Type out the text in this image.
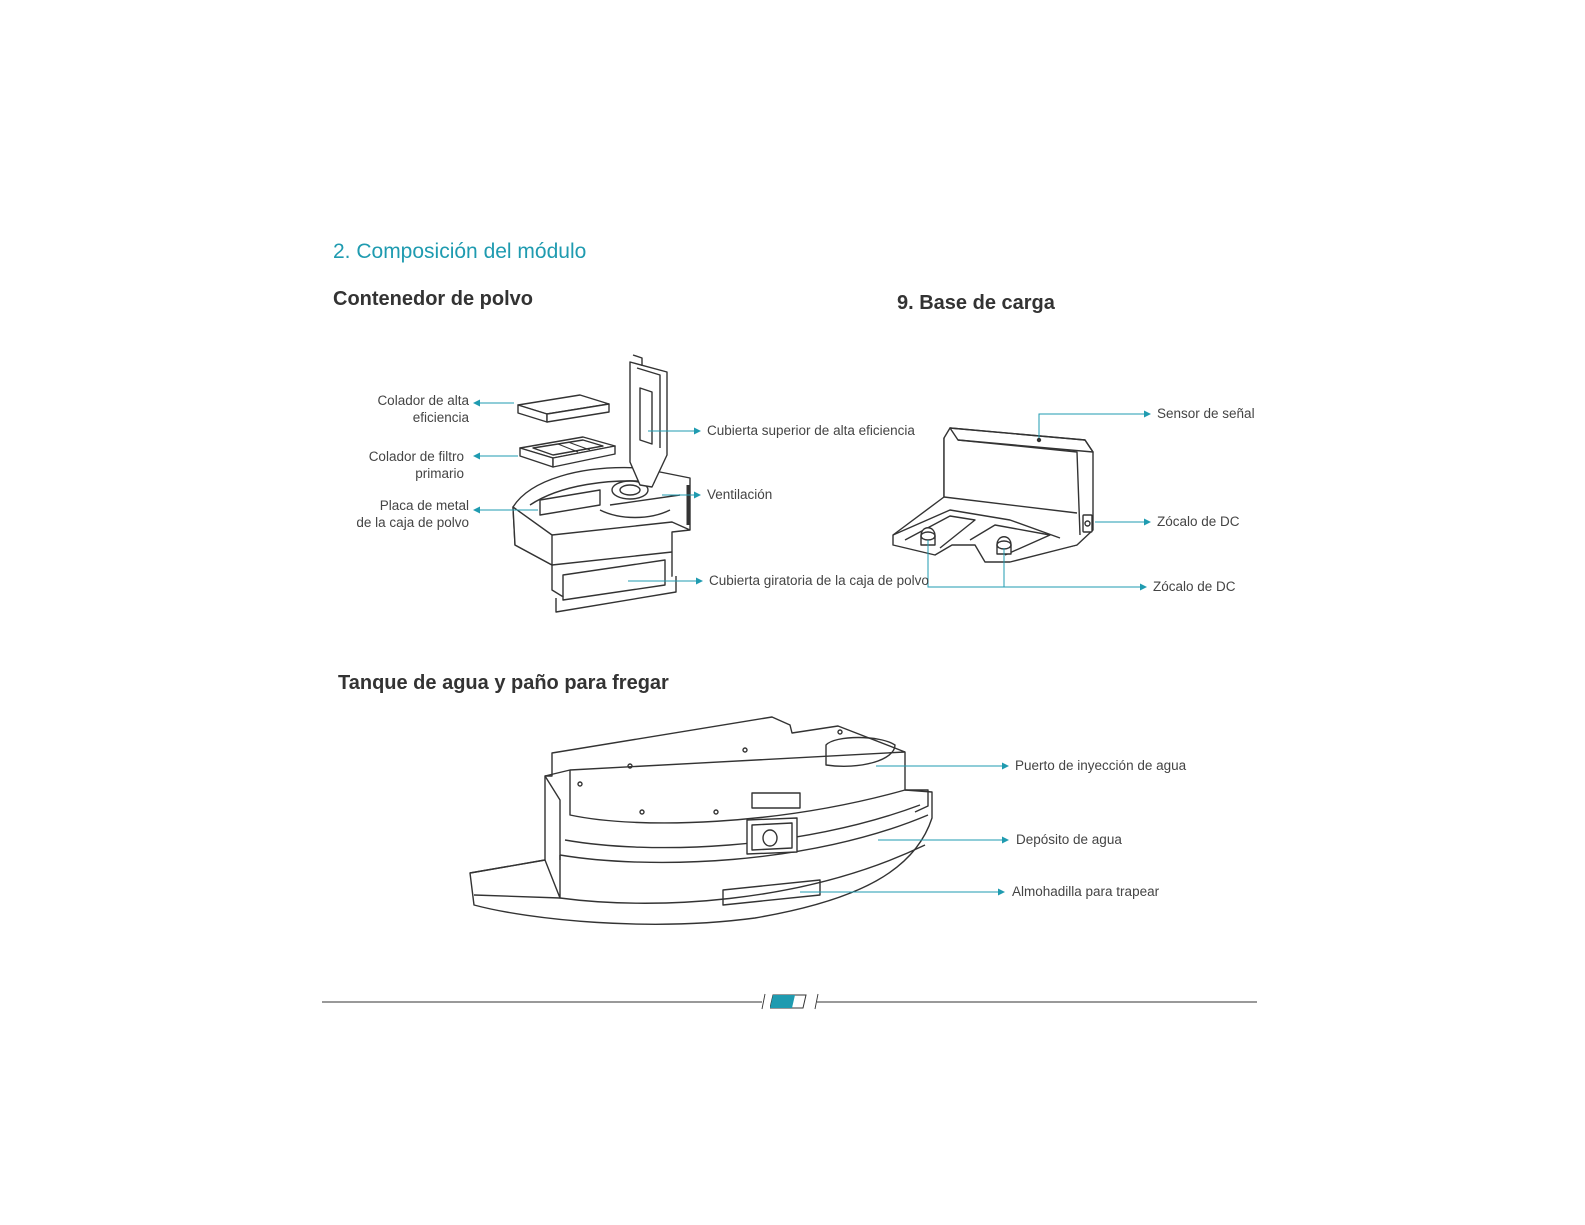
2. Composición del módulo
Contenedor de polvo	9. Base de carga
Tanque de agua y paño para fregar
Colador de alta
eficiencia
Colador de filtro
primario
Placa de metal
de la caja de polvo
Cubierta superior de alta eficiencia
Ventilación
Cubierta giratoria de la caja de polvo
Sensor de señal
Zócalo de DC
Zócalo de DC
Puerto de inyección de agua
Depósito de agua
Almohadilla para trapear
